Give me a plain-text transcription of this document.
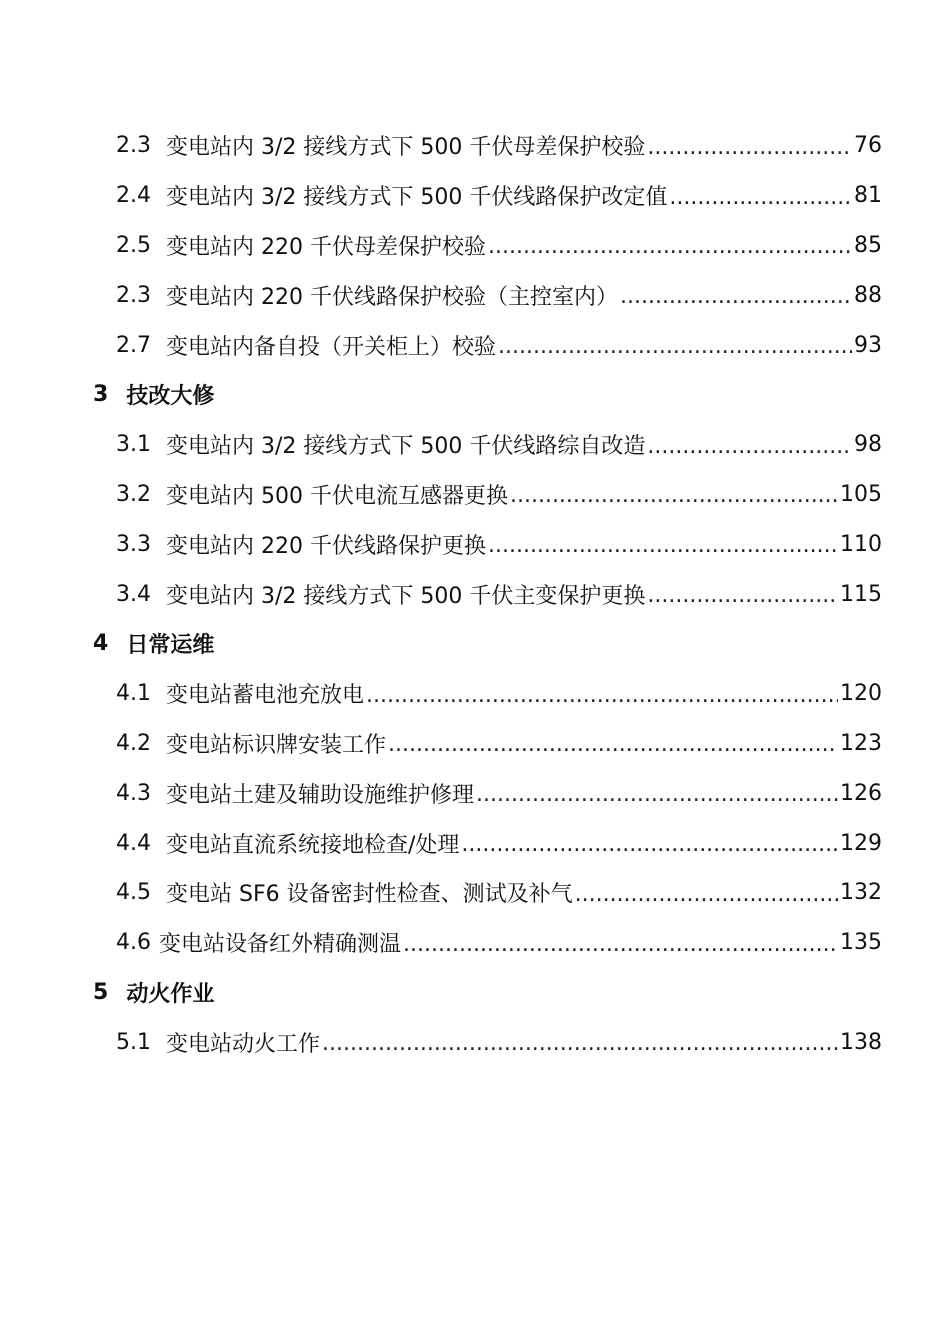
2.3 变电站内 3/2 接线方式下 500 千伏母差保护校验 .....	76
2.4 变电站内 3/2 接线方式下 500 千伏线路保护改定值 .....	81
2.5 变电站内 220 千伏母差保护校验 .....	85
2.3 变电站内 220 千伏线路保护校验（主控室内） .....	88
2.7 变电站内备自投（开关柜上）校验 .....	93
3 技改大修
3.1 变电站内 3/2 接线方式下 500 千伏线路综自改造 .....	98
3.2 变电站内 500 千伏电流互感器更换 .....	105
3.3 变电站内 220 千伏线路保护更换 .....	110
3.4 变电站内 3/2 接线方式下 500 千伏主变保护更换 .....	115
4 日常运维
4.1 变电站蓄电池充放电 .....	120
4.2 变电站标识牌安装工作 .....	123
4.3 变电站土建及辅助设施维护修理 .....	126
4.4 变电站直流系统接地检查/处理 .....	129
4.5 变电站 SF6 设备密封性检查、测试及补气 .....	132
4.6 变电站设备红外精确测温 .....	135
5 动火作业
5.1 变电站动火工作 .....	138
